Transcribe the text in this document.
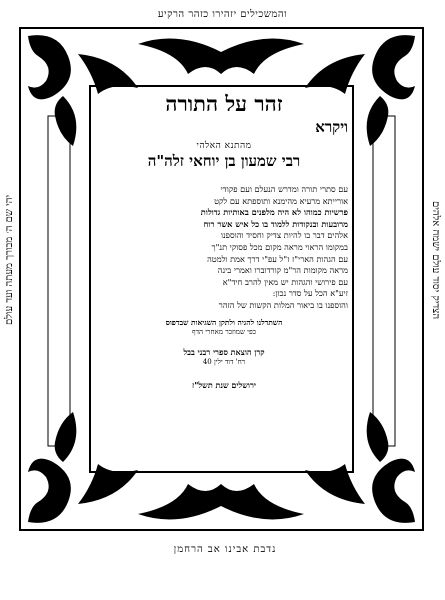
והמשכילים יזהירו כזהר הרקיע
יהי שם ה׳ מבורך מעתה ועד עולם	הצדיק יסוד עולם ישמח אלהים
זהר על התורה
ויקרא
מהתנא האלהי
רבי שמעון בן יוחאי זלה"ה
עם סתרי תורה ומדרש הנעלם ועם פקודי
אורייתא מרעיא מהימנא ותוספתא עם לקט
פרשיות כמוהו לא היה מלפנים באותיות גדולות
מרובעות ובנקודות ללמוד בו כל איש אשר רוח
אלהים דבר בו להיות צדיק וחסיד והוספנו
במקומו הראוי מראה מקום מכל פסוקי תנ"ך
עם הגהות הארי"ז ז"ל עפ"י דרך אמת ולמטה
מראה מקומות הר"מ קורדוברו ואמרי בינה
עם פירושי והגהות יש מאין להרב חיד"א
זיע"א הכל על סדר נכון:
והוספנו בו ביאור המלות הקשות של הזהר
השתדלנו להגיה ולתקן השגיאות שבדפוס
כפי שמוזכר מאחרי הדף
קרן הוצאת ספרי רבני בבל
רח' דוד ילין 40
ירושלים שנת תשל"ז
נדבת אבינו אב הרחמן
